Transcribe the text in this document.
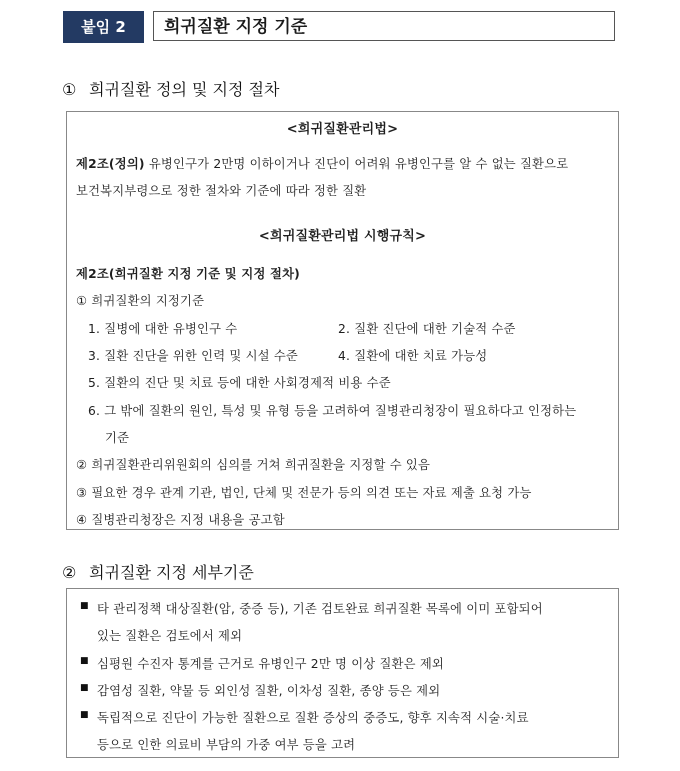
붙임 2	희귀질환 지정 기준
① 희귀질환 정의 및 지정 절차
<희귀질환관리법>
제2조(정의) 유병인구가 2만명 이하이거나 진단이 어려워 유병인구를 알 수 없는 질환으로
보건복지부령으로 정한 절차와 기준에 따라 정한 질환
<희귀질환관리법 시행규칙>
제2조(희귀질환 지정 기준 및 지정 절차)
① 희귀질환의 지정기준
1. 질병에 대한 유병인구 수	2. 질환 진단에 대한 기술적 수준
3. 질환 진단을 위한 인력 및 시설 수준	4. 질환에 대한 치료 가능성
5. 질환의 진단 및 치료 등에 대한 사회경제적 비용 수준
6. 그 밖에 질환의 원인, 특성 및 유형 등을 고려하여 질병관리청장이 필요하다고 인정하는
기준
② 희귀질환관리위원회의 심의를 거쳐 희귀질환을 지정할 수 있음
③ 필요한 경우 관계 기관, 법인, 단체 및 전문가 등의 의견 또는 자료 제출 요청 가능
④ 질병관리청장은 지정 내용을 공고함
② 희귀질환 지정 세부기준
■ 타 관리정책 대상질환(암, 중증 등), 기존 검토완료 희귀질환 목록에 이미 포함되어
있는 질환은 검토에서 제외
■ 심평원 수진자 통계를 근거로 유병인구 2만 명 이상 질환은 제외
■ 감염성 질환, 약물 등 외인성 질환, 이차성 질환, 종양 등은 제외
■ 독립적으로 진단이 가능한 질환으로 질환 증상의 중증도, 향후 지속적 시술·치료
등으로 인한 의료비 부담의 가중 여부 등을 고려
